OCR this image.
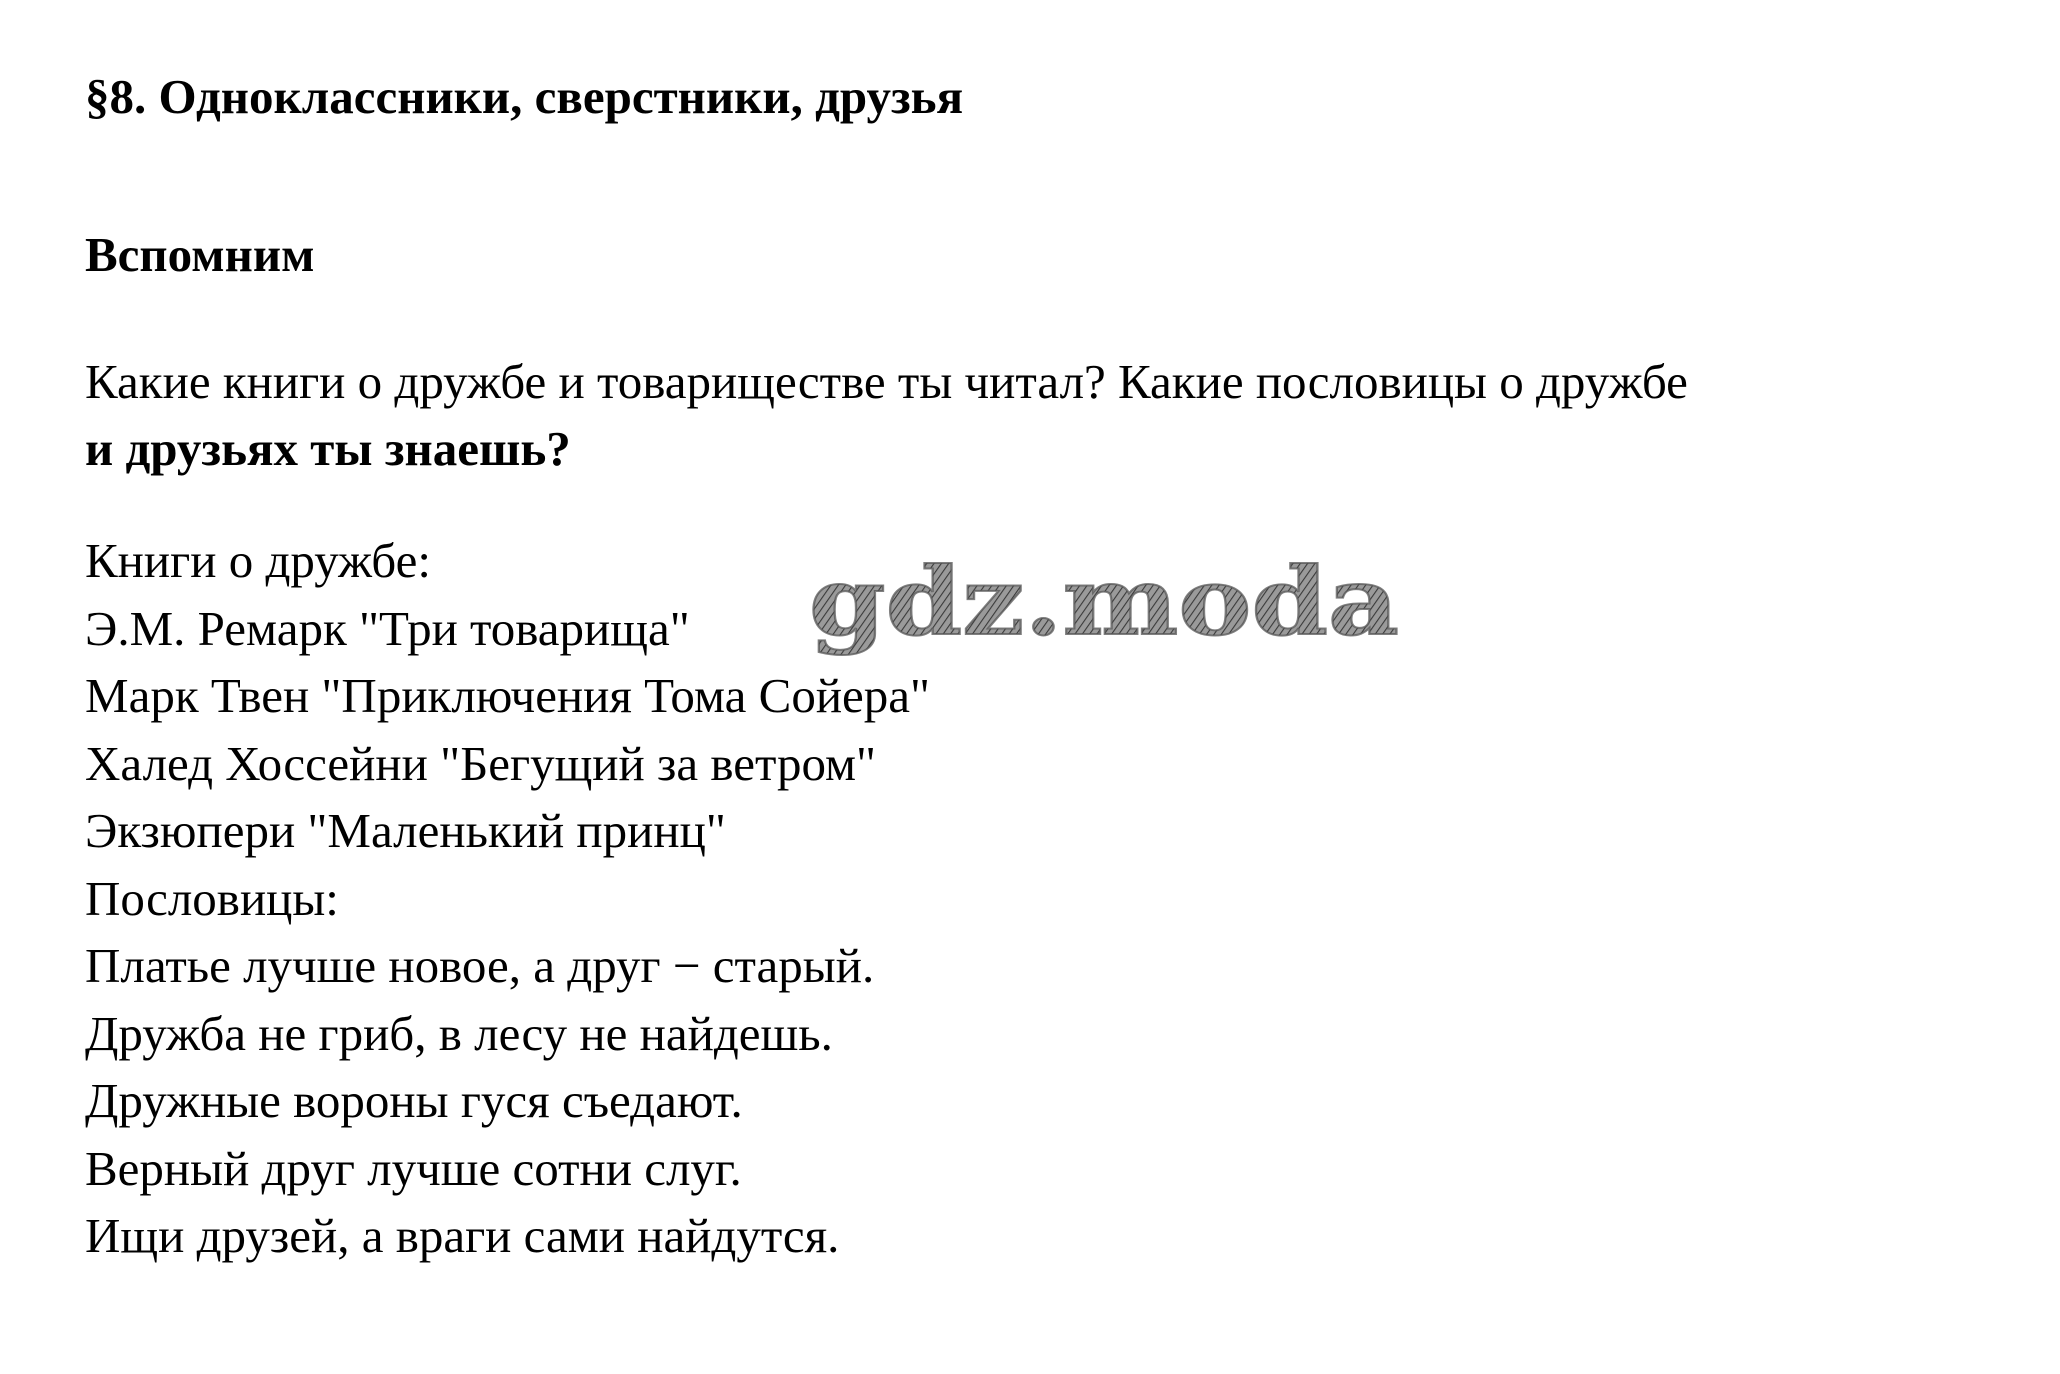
§8. Одноклассники, сверстники, друзья
Вспомним
Какие книги о дружбе и товариществе ты читал? Какие пословицы о дружбе
и друзьях ты знаешь?
Книги о дружбе:
Э.М. Ремарк "Три товарища"
Марк Твен "Приключения Тома Сойера"
Халед Хоссейни "Бегущий за ветром"
Экзюпери "Маленький принц"
Пословицы:
Платье лучше новое, а друг − старый.
Дружба не гриб, в лесу не найдешь.
Дружные вороны гуся съедают.
Верный друг лучше сотни слуг.
Ищи друзей, а враги сами найдутся.
gdz.moda
